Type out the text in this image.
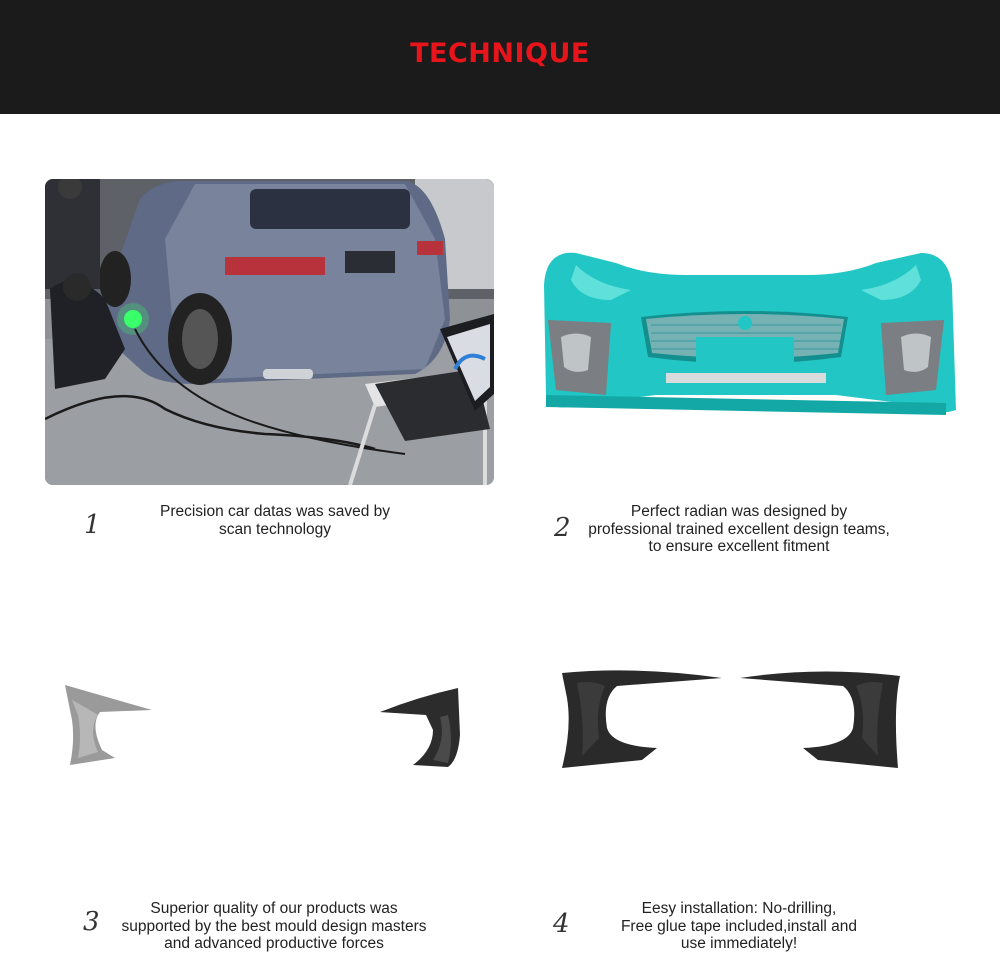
TECHNIQUE
1	2
3	4
Precision car datas was saved by
scan technology
Perfect radian was designed by
professional trained excellent design teams,
to ensure excellent fitment
Superior quality of our products was
supported by the best mould design masters
and advanced productive forces
Eesy installation: No-drilling,
Free glue tape included,install and
use immediately!
